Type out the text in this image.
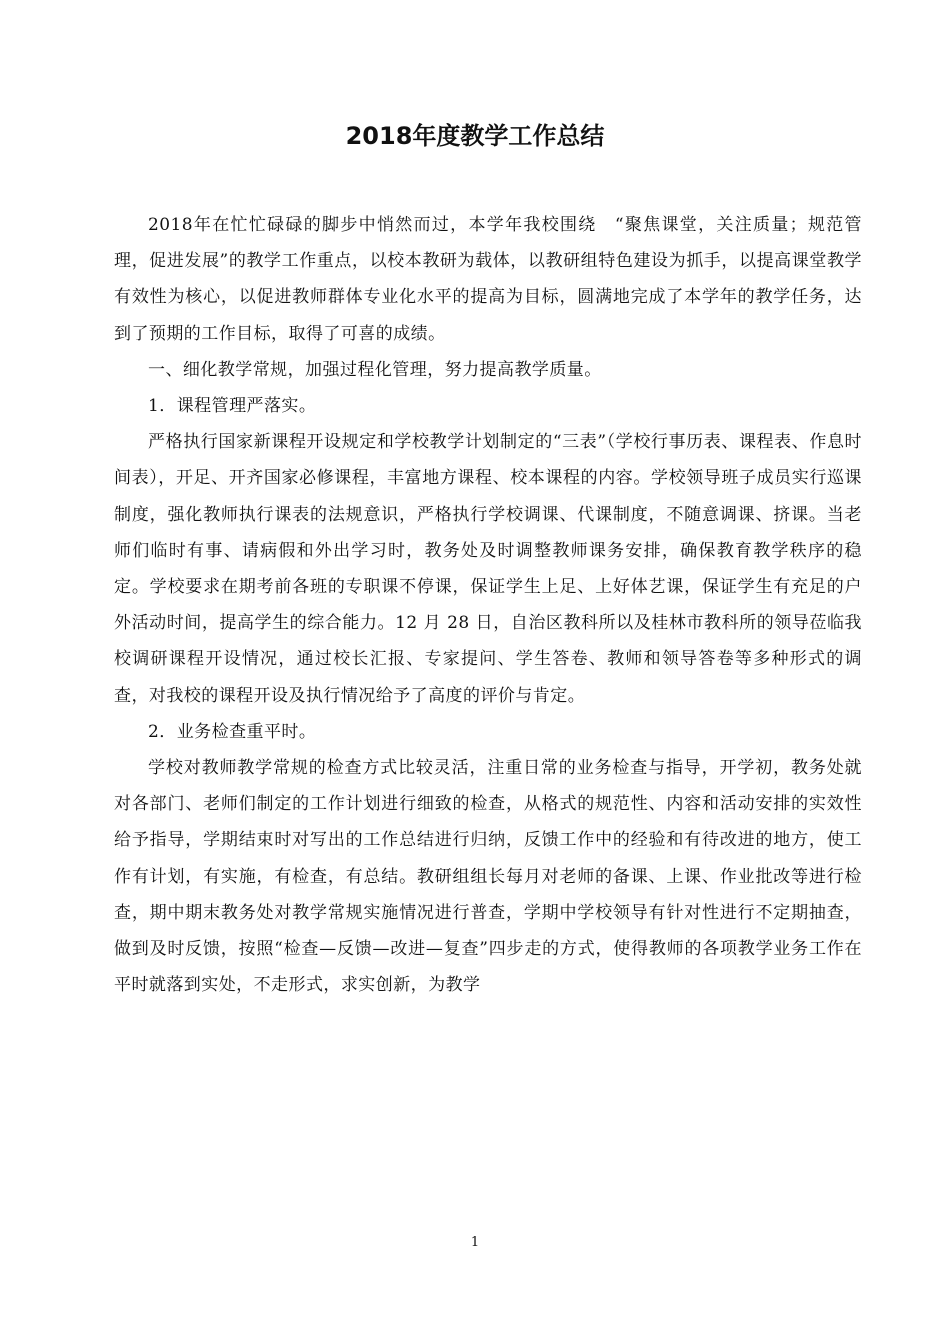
2018年度教学工作总结

2018年在忙忙碌碌的脚步中悄然而过，本学年我校围绕　“聚焦课堂，关注质量；规范管理，促进发展”的教学工作重点，以校本教研为载体，以教研组特色建设为抓手，以提高课堂教学有效性为核心，以促进教师群体专业化水平的提高为目标，圆满地完成了本学年的教学任务，达到了预期的工作目标，取得了可喜的成绩。

一、细化教学常规，加强过程化管理，努力提高教学质量。

1．课程管理严落实。

严格执行国家新课程开设规定和学校教学计划制定的“三表”（学校行事历表、课程表、作息时间表），开足、开齐国家必修课程，丰富地方课程、校本课程的内容。学校领导班子成员实行巡课制度，强化教师执行课表的法规意识，严格执行学校调课、代课制度，不随意调课、挤课。当老师们临时有事、请病假和外出学习时，教务处及时调整教师课务安排，确保教育教学秩序的稳定。学校要求在期考前各班的专职课不停课，保证学生上足、上好体艺课，保证学生有充足的户外活动时间，提高学生的综合能力。12 月 28 日，自治区教科所以及桂林市教科所的领导莅临我校调研课程开设情况，通过校长汇报、专家提问、学生答卷、教师和领导答卷等多种形式的调查，对我校的课程开设及执行情况给予了高度的评价与肯定。

2．业务检查重平时。

学校对教师教学常规的检查方式比较灵活，注重日常的业务检查与指导，开学初，教务处就对各部门、老师们制定的工作计划进行细致的检查，从格式的规范性、内容和活动安排的实效性给予指导，学期结束时对写出的工作总结进行归纳，反馈工作中的经验和有待改进的地方，使工作有计划，有实施，有检查，有总结。教研组组长每月对老师的备课、上课、作业批改等进行检查，期中期末教务处对教学常规实施情况进行普查，学期中学校领导有针对性进行不定期抽查，做到及时反馈，按照“检查—反馈—改进—复查”四步走的方式，使得教师的各项教学业务工作在平时就落到实处，不走形式，求实创新，为教学

1
